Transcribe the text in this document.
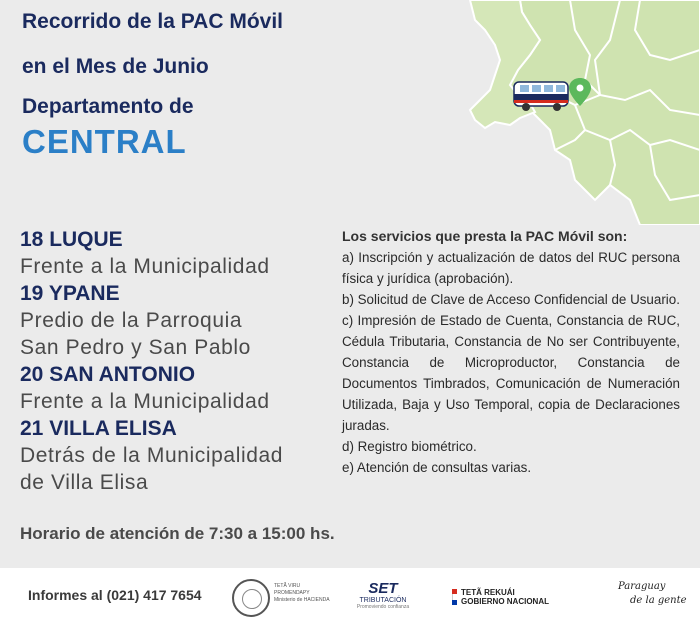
Recorrido de la PAC Móvil
en el Mes de Junio
Departamento de
CENTRAL
18 LUQUE
Frente a la Municipalidad
19 YPANE
Predio de la Parroquia
San Pedro y San Pablo
20 SAN ANTONIO
Frente a la Municipalidad
21 VILLA ELISA
Detrás de la Municipalidad
de Villa Elisa
Los servicios que presta la PAC Móvil son:
a) Inscripción y actualización de datos del RUC persona física y jurídica (aprobación).
b) Solicitud de Clave de Acceso Confidencial de Usuario.
c) Impresión de Estado de Cuenta, Constancia de RUC, Cédula Tributaria, Constancia de No ser Contribuyente, Constancia de Microproductor, Constancia de Documentos Timbrados, Comunicación de Numeración Utilizada, Baja y Uso Temporal, copia de Declaraciones juradas.
d) Registro biométrico.
e) Atención de consultas varias.
Horario de atención de 7:30 a 15:00 hs.
Informes al (021) 417 7654
TETÃ VIRU PROMENDAPY
Ministerio de HACIENDA
SET
TRIBUTACIÓN
Promoviendo confianza
TETÃ REKUÁI
GOBIERNO NACIONAL
Paraguay
de la gente
